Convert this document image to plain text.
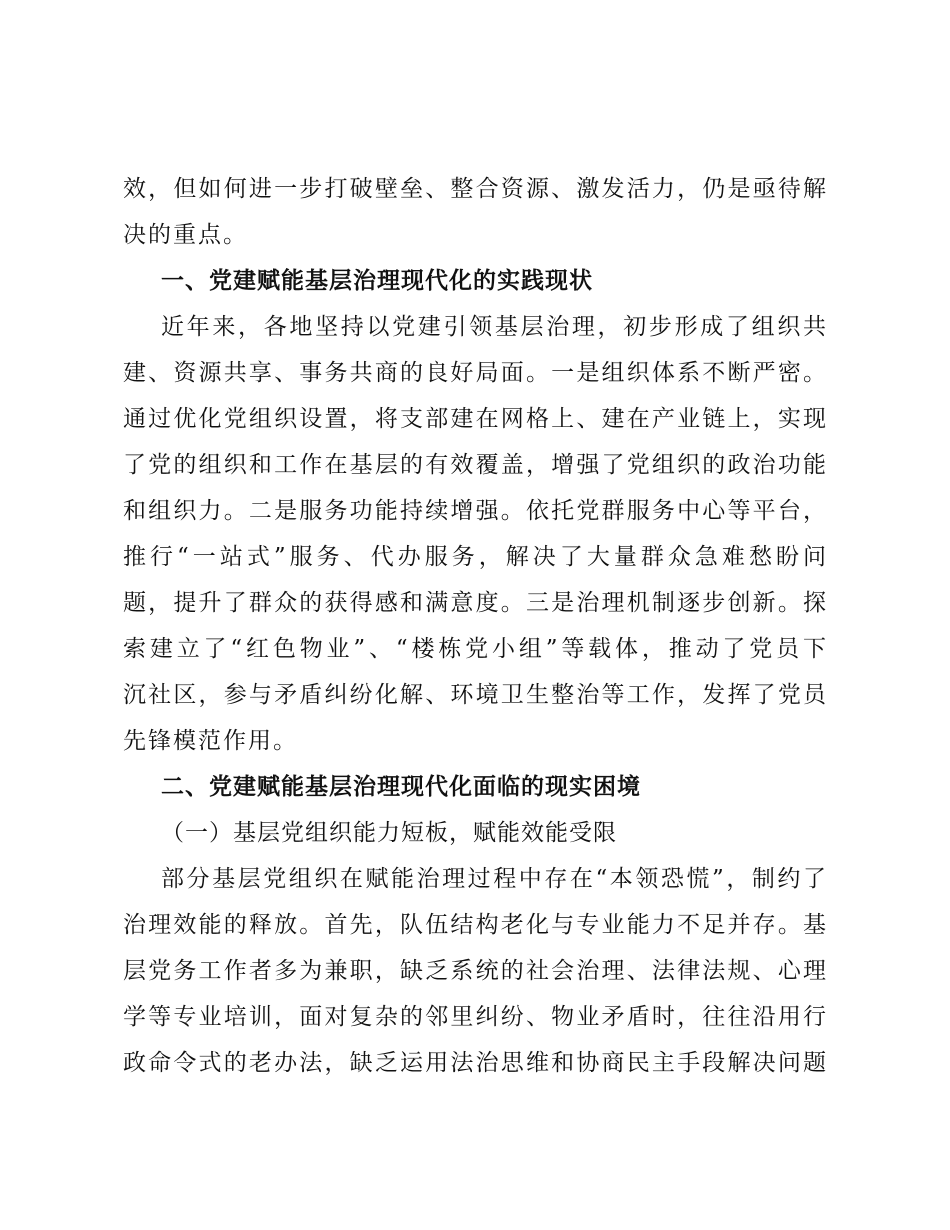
效，但如何进一步打破壁垒、整合资源、激发活力，仍是亟待解
决的重点。
一、党建赋能基层治理现代化的实践现状
近年来，各地坚持以党建引领基层治理，初步形成了组织共
建、资源共享、事务共商的良好局面。一是组织体系不断严密。
通过优化党组织设置，将支部建在网格上、建在产业链上，实现
了党的组织和工作在基层的有效覆盖，增强了党组织的政治功能
和组织力。二是服务功能持续增强。依托党群服务中心等平台，
推行“一站式”服务、代办服务，解决了大量群众急难愁盼问
题，提升了群众的获得感和满意度。三是治理机制逐步创新。探
索建立了“红色物业”、“楼栋党小组”等载体，推动了党员下
沉社区，参与矛盾纠纷化解、环境卫生整治等工作，发挥了党员
先锋模范作用。
二、党建赋能基层治理现代化面临的现实困境
（一）基层党组织能力短板，赋能效能受限
部分基层党组织在赋能治理过程中存在“本领恐慌”，制约了
治理效能的释放。首先，队伍结构老化与专业能力不足并存。基
层党务工作者多为兼职，缺乏系统的社会治理、法律法规、心理
学等专业培训，面对复杂的邻里纠纷、物业矛盾时，往往沿用行
政命令式的老办法，缺乏运用法治思维和协商民主手段解决问题
